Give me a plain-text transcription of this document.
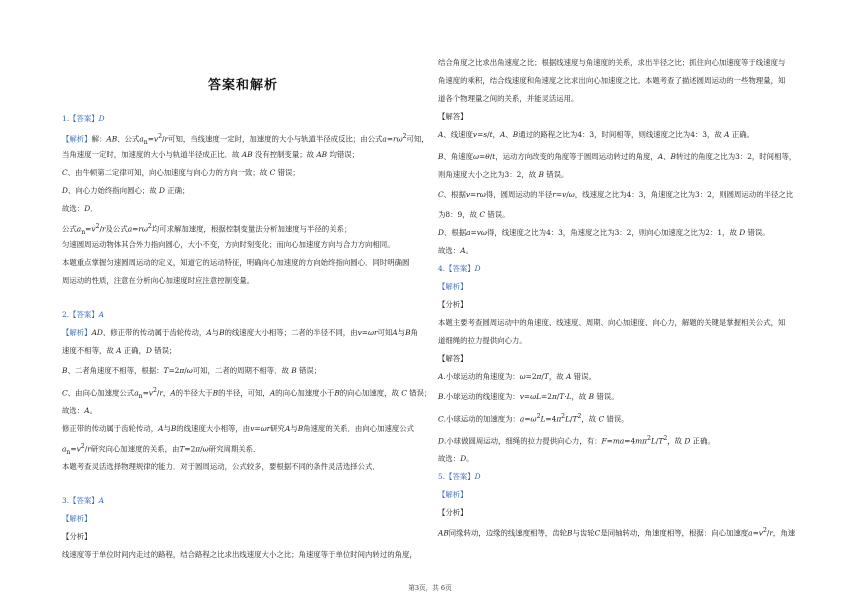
答案和解析
1.【答案】D
【解析】解：AB、公式$a_n=v^2/r$可知，当线速度一定时，加速度的大小与轨道半径成反比；由公式$a=r\omega^2$可知，
当角速度一定时，加速度的大小与轨道半径成正比．故 AB 没有控制变量；故 AB 均错误；
C、由牛顿第二定律可知，向心加速度与向心力的方向一致；故 C 错误；
D、向心力始终指向圆心；故 D 正确；
故选：D．
公式$a_n=v^2/r$及公式$a=r\omega^2$均可求解加速度，根据控制变量法分析加速度与半径的关系；
匀速圆周运动物体其合外力指向圆心，大小不变，方向时刻变化；而向心加速度方向与合力方向相同。
本题重点掌握匀速圆周运动的定义，知道它的运动特征，明确向心加速度的方向始终指向圆心．同时明确圆
周运动的性质，注意在分析向心加速度时应注意控制变量。
2.【答案】A
【解析】AD、修正带的传动属于齿轮传动，A与B的线速度大小相等；二者的半径不同，由v=ωr可知A与B角
速度不相等，故 A 正确，D 错误；
B、二者角速度不相等，根据：T=2π/ω可知，二者的周期不相等．故 B 错误；
C、由向心加速度公式$a_n=v^2/r$，A的半径大于B的半径，可知，A的向心加速度小于B的向心加速度，故 C 错误；
故选：A。
修正带的传动属于齿轮传动，A与B的线速度大小相等，由v=ωr研究A与B角速度的关系．由向心加速度公式
$a_n=v^2/r$研究向心加速度的关系，由T=2π/ω研究周期关系．
本题考查灵活选择物理规律的能力．对于圆周运动，公式较多，要根据不同的条件灵活选择公式．
3.【答案】A
【解析】
【分析】
线速度等于单位时间内走过的路程，结合路程之比求出线速度大小之比；角速度等于单位时间内转过的角度，
结合角度之比求出角速度之比；根据线速度与角速度的关系，求出半径之比；抓住向心加速度等于线速度与
角速度的乘积，结合线速度和角速度之比求出向心加速度之比。本题考查了描述圆周运动的一些物理量，知
道各个物理量之间的关系，并能灵活运用。
【解答】
A、线速度v=s/t，A、B通过的路程之比为4：3，时间相等，则线速度之比为4：3，故 A 正确。
B、角速度ω=θ/t，运动方向改变的角度等于圆周运动转过的角度，A、B转过的角度之比为3：2，时间相等，
则角速度大小之比为3：2，故 B 错误。
C、根据v=rω得，圆周运动的半径r=v/ω，线速度之比为4：3，角速度之比为3：2，则圆周运动的半径之比
为8：9，故 C 错误。
D、根据a=vω得，线速度之比为4：3，角速度之比为3：2，则向心加速度之比为2：1，故 D 错误。
故选：A。
4.【答案】D
【解析】
【分析】
本题主要考查圆周运动中的角速度、线速度、周期、向心加速度、向心力，解题的关键是掌握相关公式，知
道细绳的拉力提供向心力。
【解答】
A.小球运动的角速度为：ω=2π/T，故 A 错误。
B.小球运动的线速度为：v=ωL=2π/T·L，故 B 错误。
C.小球运动的加速度为：$a=\omega^2L=4\pi^2L/T^2$，故 C 错误。
D.小球做圆周运动，细绳的拉力提供向心力，有：$F=ma=4m\pi^2L/T^2$，故 D 正确。
故选：D。
5.【答案】D
【解析】
【分析】
AB同缘转动，边缘的线速度相等，齿轮B与齿轮C是同轴转动，角速度相等，根据：向心加速度$a=v^2/r$，角速
第3页，共 6页
